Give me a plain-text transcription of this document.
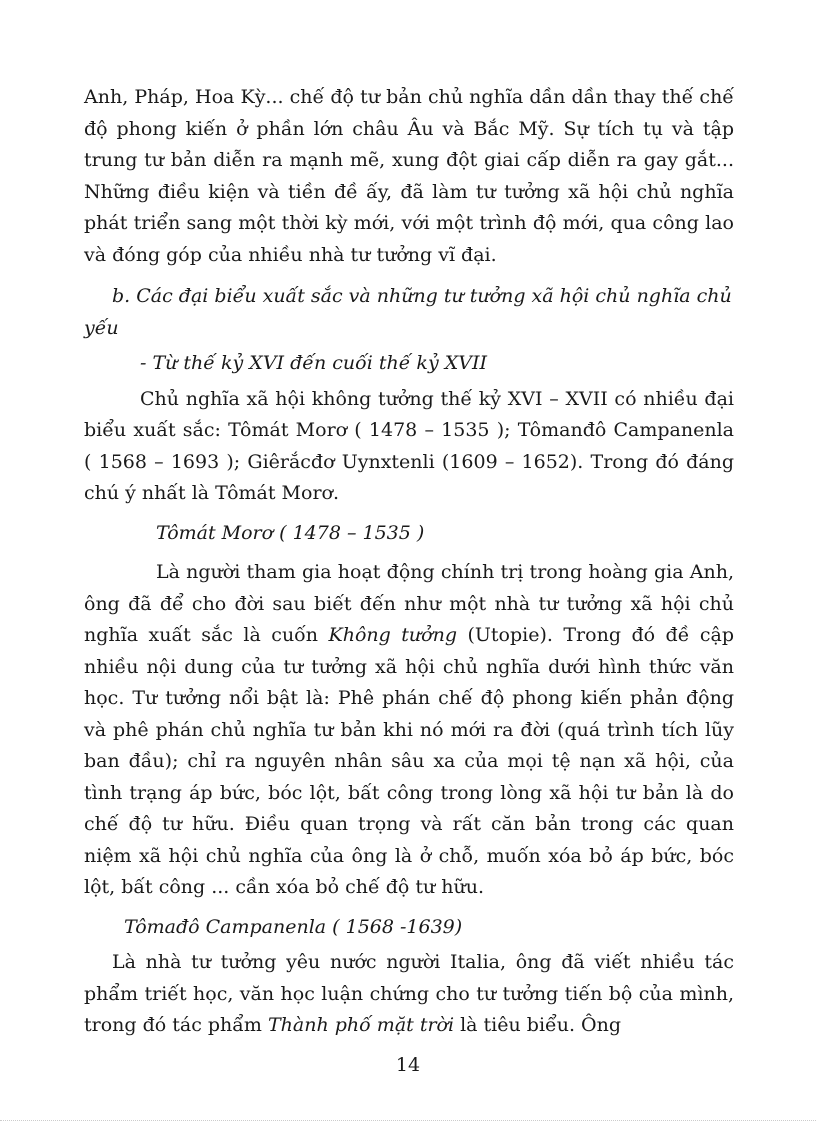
Anh, Pháp, Hoa Kỳ... chế độ tư bản chủ nghĩa dần dần thay thế chế độ phong kiến ở phần lớn châu Âu và Bắc Mỹ. Sự tích tụ và tập trung tư bản diễn ra mạnh mẽ, xung đột giai cấp diễn ra gay gắt... Những điều kiện và tiền đề ấy, đã làm tư tưởng xã hội chủ nghĩa phát triển sang một thời kỳ mới, với một trình độ mới, qua công lao và đóng góp của nhiều nhà tư tưởng vĩ đại.

b. Các đại biểu xuất sắc và những tư tưởng xã hội chủ nghĩa chủ yếu

- Từ thế kỷ XVI đến cuối thế kỷ XVII

Chủ nghĩa xã hội không tưởng thế kỷ XVI – XVII có nhiều đại biểu xuất sắc: Tômát Morơ ( 1478 – 1535 ); Tômanđô Campanenla ( 1568 – 1693 ); Giêrắcđơ Uynxtenli (1609 – 1652). Trong đó đáng chú ý nhất là Tômát Morơ.

Tômát Morơ ( 1478 – 1535 )

Là người tham gia hoạt động chính trị trong hoàng gia Anh, ông đã để cho đời sau biết đến như một nhà tư tưởng xã hội chủ nghĩa xuất sắc là cuốn Không tưởng (Utopie). Trong đó đề cập nhiều nội dung của tư tưởng xã hội chủ nghĩa dưới hình thức văn học. Tư tưởng nổi bật là: Phê phán chế độ phong kiến phản động và phê phán chủ nghĩa tư bản khi nó mới ra đời (quá trình tích lũy ban đầu); chỉ ra nguyên nhân sâu xa của mọi tệ nạn xã hội, của tình trạng áp bức, bóc lột, bất công trong lòng xã hội tư bản là do chế độ tư hữu. Điều quan trọng và rất căn bản trong các quan niệm xã hội chủ nghĩa của ông là ở chỗ, muốn xóa bỏ áp bức, bóc lột, bất công ... cần xóa bỏ chế độ tư hữu.

Tômađô Campanenla ( 1568 -1639)

Là nhà tư tưởng yêu nước người Italia, ông đã viết nhiều tác phẩm triết học, văn học luận chứng cho tư tưởng tiến bộ của mình, trong đó tác phẩm Thành phố mặt trời là tiêu biểu. Ông

14
